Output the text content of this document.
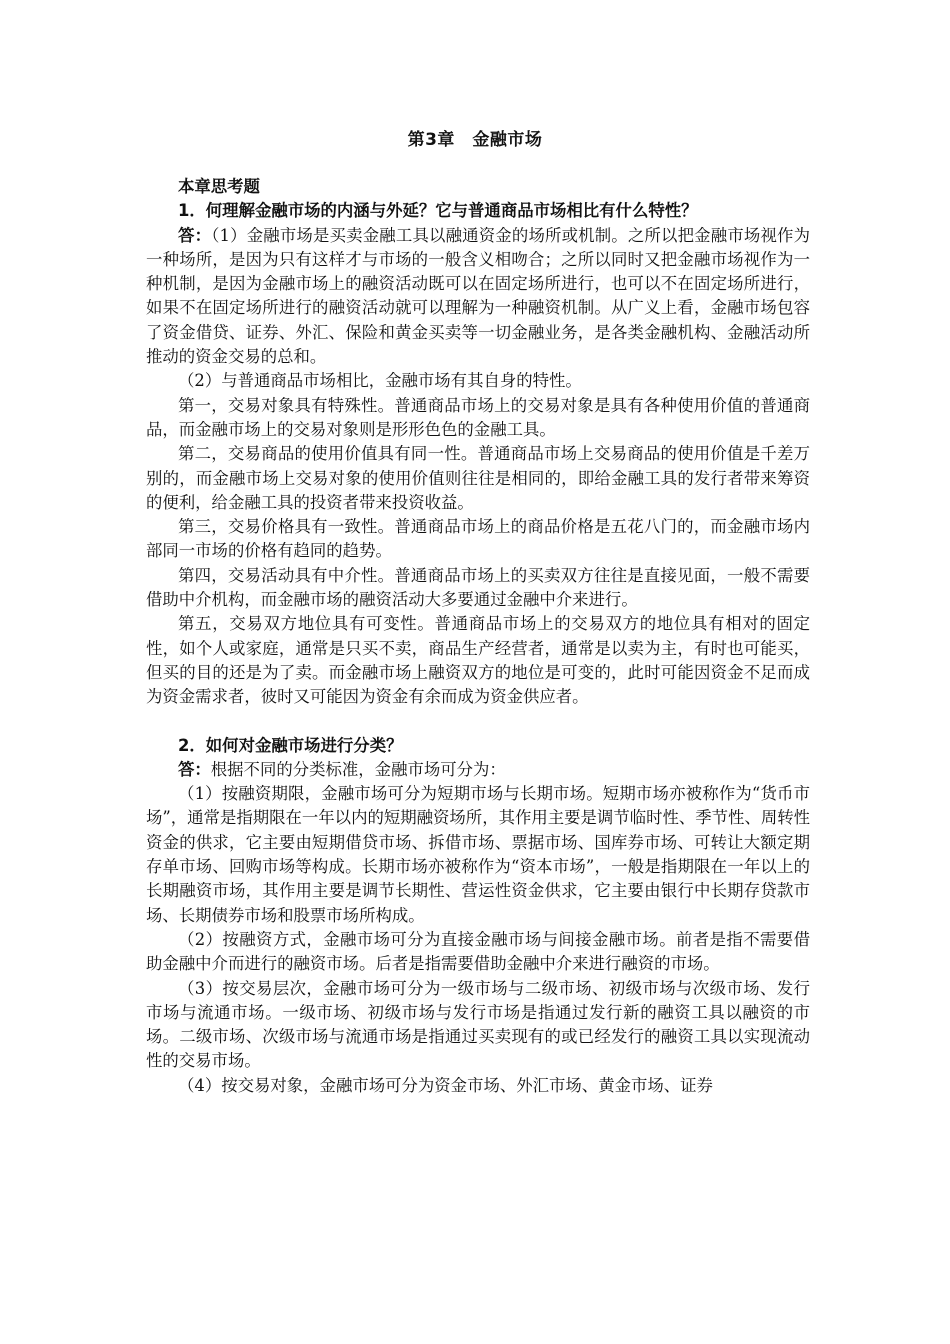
第3章　金融市场

本章思考题

1．何理解金融市场的内涵与外延？它与普通商品市场相比有什么特性？

答：（1）金融市场是买卖金融工具以融通资金的场所或机制。之所以把金融市场视作为一种场所，是因为只有这样才与市场的一般含义相吻合；之所以同时又把金融市场视作为一种机制，是因为金融市场上的融资活动既可以在固定场所进行，也可以不在固定场所进行，如果不在固定场所进行的融资活动就可以理解为一种融资机制。从广义上看，金融市场包容了资金借贷、证券、外汇、保险和黄金买卖等一切金融业务，是各类金融机构、金融活动所推动的资金交易的总和。

（2）与普通商品市场相比，金融市场有其自身的特性。

第一，交易对象具有特殊性。普通商品市场上的交易对象是具有各种使用价值的普通商品，而金融市场上的交易对象则是形形色色的金融工具。

第二，交易商品的使用价值具有同一性。普通商品市场上交易商品的使用价值是千差万别的，而金融市场上交易对象的使用价值则往往是相同的，即给金融工具的发行者带来筹资的便利，给金融工具的投资者带来投资收益。

第三，交易价格具有一致性。普通商品市场上的商品价格是五花八门的，而金融市场内部同一市场的价格有趋同的趋势。

第四，交易活动具有中介性。普通商品市场上的买卖双方往往是直接见面，一般不需要借助中介机构，而金融市场的融资活动大多要通过金融中介来进行。

第五，交易双方地位具有可变性。普通商品市场上的交易双方的地位具有相对的固定性，如个人或家庭，通常是只买不卖，商品生产经营者，通常是以卖为主，有时也可能买，但买的目的还是为了卖。而金融市场上融资双方的地位是可变的，此时可能因资金不足而成为资金需求者，彼时又可能因为资金有余而成为资金供应者。

2．如何对金融市场进行分类？

答：根据不同的分类标准，金融市场可分为：

（1）按融资期限，金融市场可分为短期市场与长期市场。短期市场亦被称作为“货币市场”，通常是指期限在一年以内的短期融资场所，其作用主要是调节临时性、季节性、周转性资金的供求，它主要由短期借贷市场、拆借市场、票据市场、国库券市场、可转让大额定期存单市场、回购市场等构成。长期市场亦被称作为“资本市场”，一般是指期限在一年以上的长期融资市场，其作用主要是调节长期性、营运性资金供求，它主要由银行中长期存贷款市场、长期债券市场和股票市场所构成。

（2）按融资方式，金融市场可分为直接金融市场与间接金融市场。前者是指不需要借助金融中介而进行的融资市场。后者是指需要借助金融中介来进行融资的市场。

（3）按交易层次，金融市场可分为一级市场与二级市场、初级市场与次级市场、发行市场与流通市场。一级市场、初级市场与发行市场是指通过发行新的融资工具以融资的市场。二级市场、次级市场与流通市场是指通过买卖现有的或已经发行的融资工具以实现流动性的交易市场。

（4）按交易对象，金融市场可分为资金市场、外汇市场、黄金市场、证券
